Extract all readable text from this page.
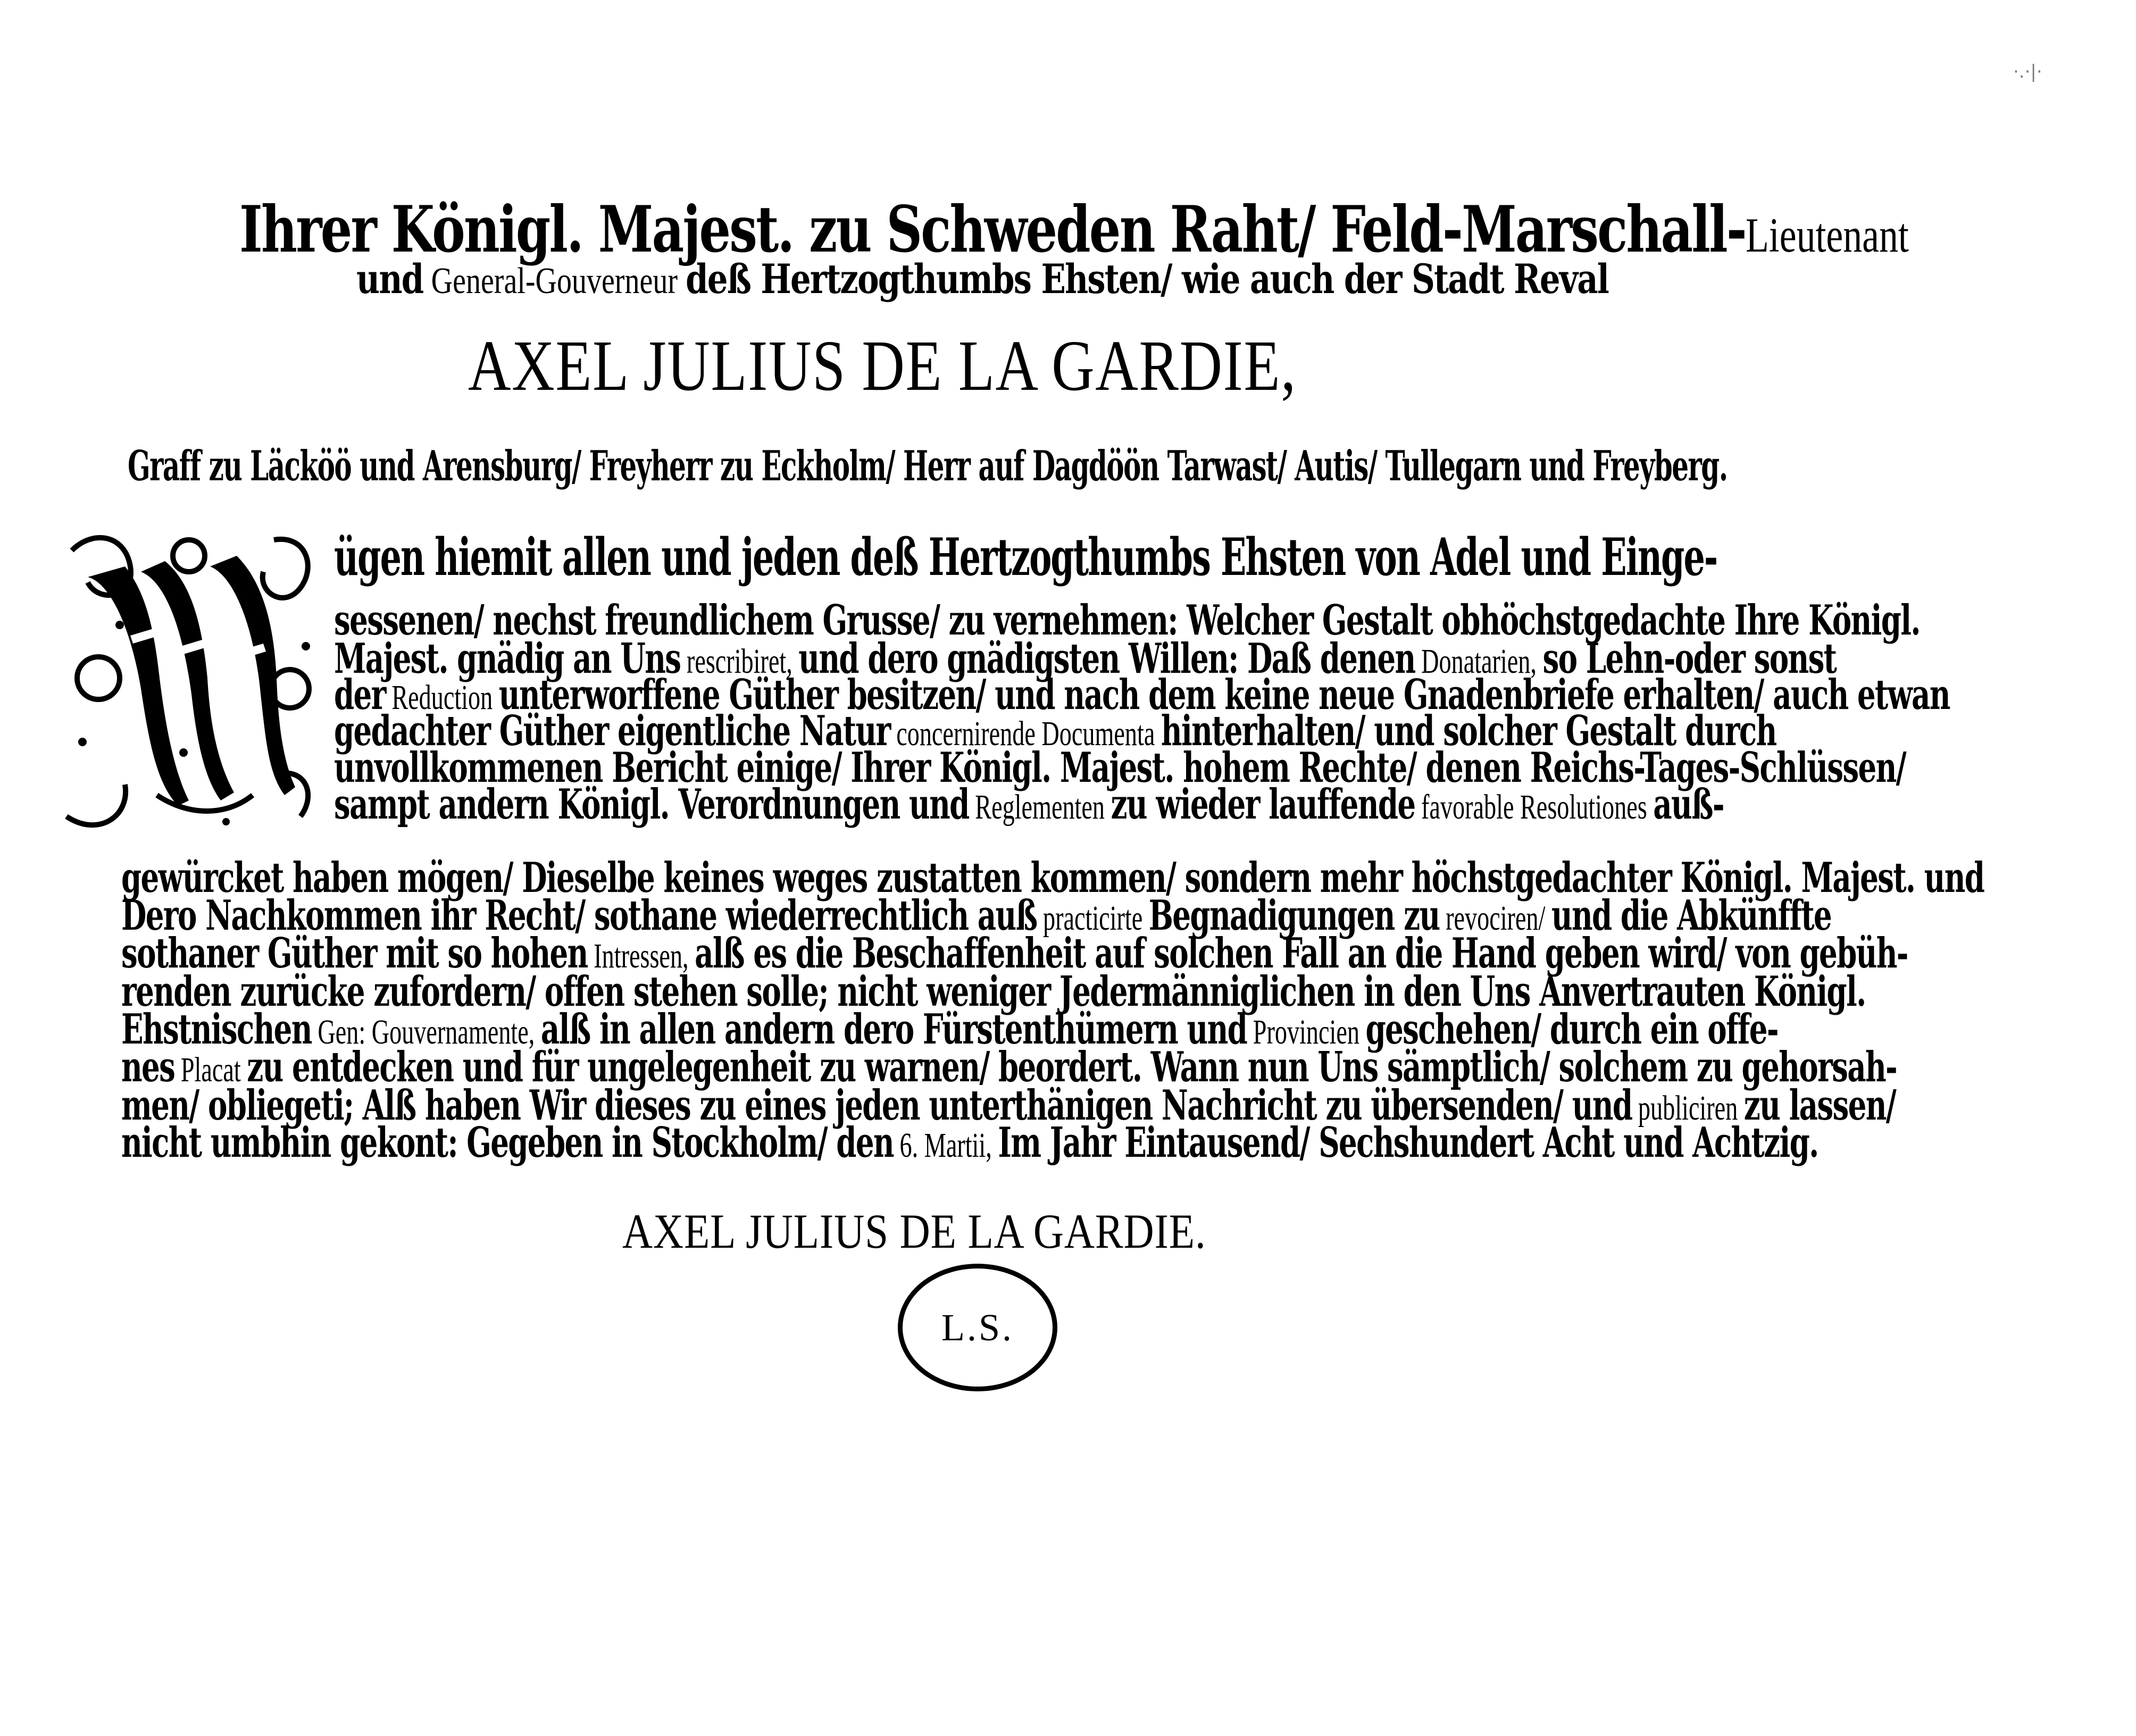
·.·|·
Ihrer Königl. Majest. zu Schweden Raht/ Feld-Marschall-Lieutenant
und General-Gouverneur deß Hertzogthumbs Ehsten/ wie auch der Stadt Reval
AXEL JULIUS DE LA GARDIE,
Graff zu Läcköö und Arensburg/ Freyherr zu Eckholm/ Herr auf Dagdöön Tarwast/ Autis/ Tullegarn und Freyberg.
ügen hiemit allen und jeden deß Hertzogthumbs Ehsten von Adel und Einge-
sessenen/ nechst freundlichem Grusse/ zu vernehmen: Welcher Gestalt obhöchstgedachte Ihre Königl.
Majest. gnädig an Uns rescribiret, und dero gnädigsten Willen: Daß denen Donatarien, so Lehn-oder sonst
der Reduction unterworffene Güther besitzen/ und nach dem keine neue Gnadenbriefe erhalten/ auch etwan
gedachter Güther eigentliche Natur concernirende Documenta hinterhalten/ und solcher Gestalt durch
unvollkommenen Bericht einige/ Ihrer Königl. Majest. hohem Rechte/ denen Reichs-Tages-Schlüssen/
sampt andern Königl. Verordnungen und Reglementen zu wieder lauffende favorable Resolutiones auß-
gewürcket haben mögen/ Dieselbe keines weges zustatten kommen/ sondern mehr höchstgedachter Königl. Majest. und
Dero Nachkommen ihr Recht/ sothane wiederrechtlich auß practicirte Begnadigungen zu revociren/ und die Abkünffte
sothaner Güther mit so hohen Intressen, alß es die Beschaffenheit auf solchen Fall an die Hand geben wird/ von gebüh-
renden zurücke zufordern/ offen stehen solle; nicht weniger Jedermänniglichen in den Uns Anvertrauten Königl.
Ehstnischen Gen: Gouvernamente, alß in allen andern dero Fürstenthümern und Provincien geschehen/ durch ein offe-
nes Placat zu entdecken und für ungelegenheit zu warnen/ beordert. Wann nun Uns sämptlich/ solchem zu gehorsah-
men/ obliegeti; Alß haben Wir dieses zu eines jeden unterthänigen Nachricht zu übersenden/ und publiciren zu lassen/
nicht umbhin gekont: Gegeben in Stockholm/ den 6. Martii, Im Jahr Eintausend/ Sechshundert Acht und Achtzig.
AXEL JULIUS DE LA GARDIE.
L.S.
